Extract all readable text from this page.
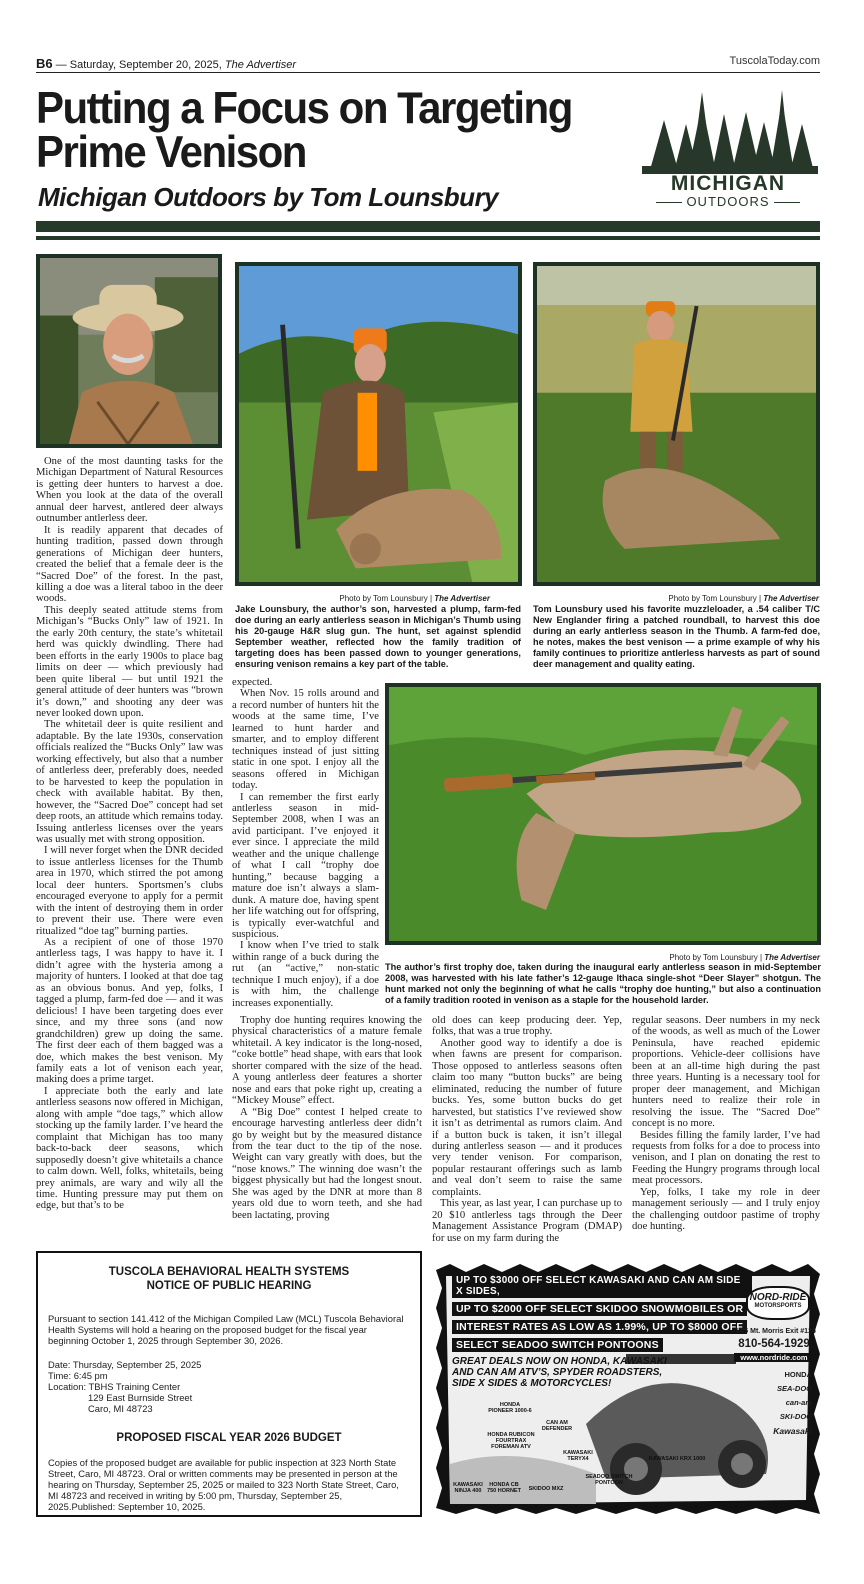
B6 — Saturday, September 20, 2025, The Advertiser	TuscolaToday.com
Putting a Focus on Targeting
Prime Venison
Michigan Outdoors by Tom Lounsbury	MICHIGAN
OUTDOORS
Photo by Tom Lounsbury | The Advertiser
Jake Lounsbury, the author’s son, harvested a plump, farm-fed doe during an early antlerless season in Michigan’s Thumb using his 20-gauge H&R slug gun. The hunt, set against splendid September weather, reflected how the family tradition of targeting does has been passed down to younger generations, ensuring venison remains a key part of the table.
Photo by Tom Lounsbury | The Advertiser
Tom Lounsbury used his favorite muzzleloader, a .54 caliber T/C New Englander firing a patched roundball, to harvest this doe during an early antlerless season in the Thumb. A farm-fed doe, he notes, makes the best venison — a prime example of why his family continues to prioritize antlerless harvests as part of sound deer management and quality eating.
Photo by Tom Lounsbury | The Advertiser
The author’s first trophy doe, taken during the inaugural early antlerless season in mid-September 2008, was harvested with his late father’s 12-gauge Ithaca single-shot “Deer Slayer” shotgun. The hunt marked not only the beginning of what he calls “trophy doe hunting,” but also a continuation of a family tradition rooted in venison as a staple for the household larder.

One of the most daunting tasks for the Michigan Department of Natural Resources is getting deer hunters to harvest a doe. When you look at the data of the overall annual deer harvest, antlered deer always outnumber antlerless deer.

It is readily apparent that decades of hunting tradition, passed down through generations of Michigan deer hunters, created the belief that a female deer is the “Sacred Doe” of the forest. In the past, killing a doe was a literal taboo in the deer woods.

This deeply seated attitude stems from Michigan’s “Bucks Only” law of 1921. In the early 20th century, the state’s whitetail herd was quickly dwindling. There had been efforts in the early 1900s to place bag limits on deer — which previously had been quite liberal — but until 1921 the general attitude of deer hunters was “brown it’s down,” and shooting any deer was never looked down upon.

The whitetail deer is quite resilient and adaptable. By the late 1930s, conservation officials realized the “Bucks Only” law was working effectively, but also that a number of antlerless deer, preferably does, needed to be harvested to keep the population in check with available habitat. By then, however, the “Sacred Doe” concept had set deep roots, an attitude which remains today. Issuing antlerless licenses over the years was usually met with strong opposition.

I will never forget when the DNR decided to issue antlerless licenses for the Thumb area in 1970, which stirred the pot among local deer hunters. Sportsmen’s clubs encouraged everyone to apply for a permit with the intent of destroying them in order to prevent their use. There were even ritualized “doe tag” burning parties.

As a recipient of one of those 1970 antlerless tags, I was happy to have it. I didn’t agree with the hysteria among a majority of hunters. I looked at that doe tag as an obvious bonus. And yep, folks, I tagged a plump, farm-fed doe — and it was delicious! I have been targeting does ever since, and my three sons (and now grandchildren) grew up doing the same. The first deer each of them bagged was a doe, which makes the best venison. My family eats a lot of venison each year, making does a prime target.

I appreciate both the early and late antlerless seasons now offered in Michigan, along with ample “doe tags,” which allow stocking up the family larder. I’ve heard the complaint that Michigan has too many back-to-back deer seasons, which supposedly doesn’t give whitetails a chance to calm down. Well, folks, whitetails, being prey animals, are wary and wily all the time. Hunting pressure may put them on edge, but that’s to be

expected.

When Nov. 15 rolls around and a record number of hunters hit the woods at the same time, I’ve learned to hunt harder and smarter, and to employ different techniques instead of just sitting static in one spot. I enjoy all the seasons offered in Michigan today.

I can remember the first early antlerless season in mid-September 2008, when I was an avid participant. I’ve enjoyed it ever since. I appreciate the mild weather and the unique challenge of what I call “trophy doe hunting,” because bagging a mature doe isn’t always a slam-dunk. A mature doe, having spent her life watching out for offspring, is typically ever-watchful and suspicious.

I know when I’ve tried to stalk within range of a buck during the rut (an “active,” non-static technique I much enjoy), if a doe is with him, the challenge increases exponentially.

Trophy doe hunting requires knowing the physical characteristics of a mature female whitetail. A key indicator is the long-nosed, “coke bottle” head shape, with ears that look shorter compared with the size of the head. A young antlerless deer features a shorter nose and ears that poke right up, creating a “Mickey Mouse” effect.

A “Big Doe” contest I helped create to encourage harvesting antlerless deer didn’t go by weight but by the measured distance from the tear duct to the tip of the nose. Weight can vary greatly with does, but the “nose knows.” The winning doe wasn’t the biggest physically but had the longest snout. She was aged by the DNR at more than 8 years old due to worn teeth, and she had been lactating, proving

old does can keep producing deer. Yep, folks, that was a true trophy.

Another good way to identify a doe is when fawns are present for comparison. Those opposed to antlerless seasons often claim too many “button bucks” are being eliminated, reducing the number of future bucks. Yes, some button bucks do get harvested, but statistics I’ve reviewed show it isn’t as detrimental as rumors claim. And if a button buck is taken, it isn’t illegal during antlerless season — and it produces very tender venison. For comparison, popular restaurant offerings such as lamb and veal don’t seem to raise the same complaints.

This year, as last year, I can purchase up to 20 $10 antlerless tags through the Deer Management Assistance Program (DMAP) for use on my farm during the

regular seasons. Deer numbers in my neck of the woods, as well as much of the Lower Peninsula, have reached epidemic proportions. Vehicle-deer collisions have been at an all-time high during the past three years. Hunting is a necessary tool for proper deer management, and Michigan hunters need to realize their role in resolving the issue. The “Sacred Doe” concept is no more.

Besides filling the family larder, I’ve had requests from folks for a doe to process into venison, and I plan on donating the rest to Feeding the Hungry programs through local meat processors.

Yep, folks, I take my role in deer management seriously — and I truly enjoy the challenging outdoor pastime of trophy doe hunting.

TUSCOLA BEHAVIORAL HEALTH SYSTEMS
NOTICE OF PUBLIC HEARING

Pursuant to section 141.412 of the Michigan Compiled Law (MCL) Tuscola Behavioral Health Systems will hold a hearing on the proposed budget for the fiscal year beginning October 1, 2025 through September 30, 2026.

Date: Thursday, September 25, 2025

Time: 6:45 pm

Location: TBHS Training Center

129 East Burnside Street

Caro, MI 48723

PROPOSED FISCAL YEAR 2026 BUDGET

Copies of the proposed budget are available for public inspection at 323 North State Street, Caro, MI 48723. Oral or written comments may be presented in person at the hearing on Thursday, September 25, 2025 or mailed to 323 North State Street, Caro, MI 48723 and received in writing by 5:00 pm, Thursday, September 25, 2025.Published: September 10, 2025.

UP TO $3000 OFF SELECT KAWASAKI AND CAN AM SIDE X SIDES,
UP TO $2000 OFF SELECT SKIDOO SNOWMOBILES OR
INTEREST RATES AS LOW AS 1.99%, UP TO $8000 OFF
SELECT SEADOO SWITCH PONTOONS
GREAT DEALS NOW ON HONDA, KAWASAKI
AND CAN AM ATV’S, SPYDER ROADSTERS,
SIDE X SIDES & MOTORCYCLES!
NORD-RIDE
MOTORSPORTS
I-75 Mt. Morris Exit #126
810-564-1929
www.nordride.com
HONDA
SEA-DOO
can-am
SKI-DOO
Kawasaki
HONDA PIONEER 1000-6
CAN AM DEFENDER
HONDA RUBICON FOURTRAX FOREMAN ATV
KAWASAKI TERYX4	KAWASAKI KRX 1000
KAWASAKI NINJA 400
HONDA CB 750 HORNET SKIDOO MXZ
SEADOO SWITCH PONTOON
